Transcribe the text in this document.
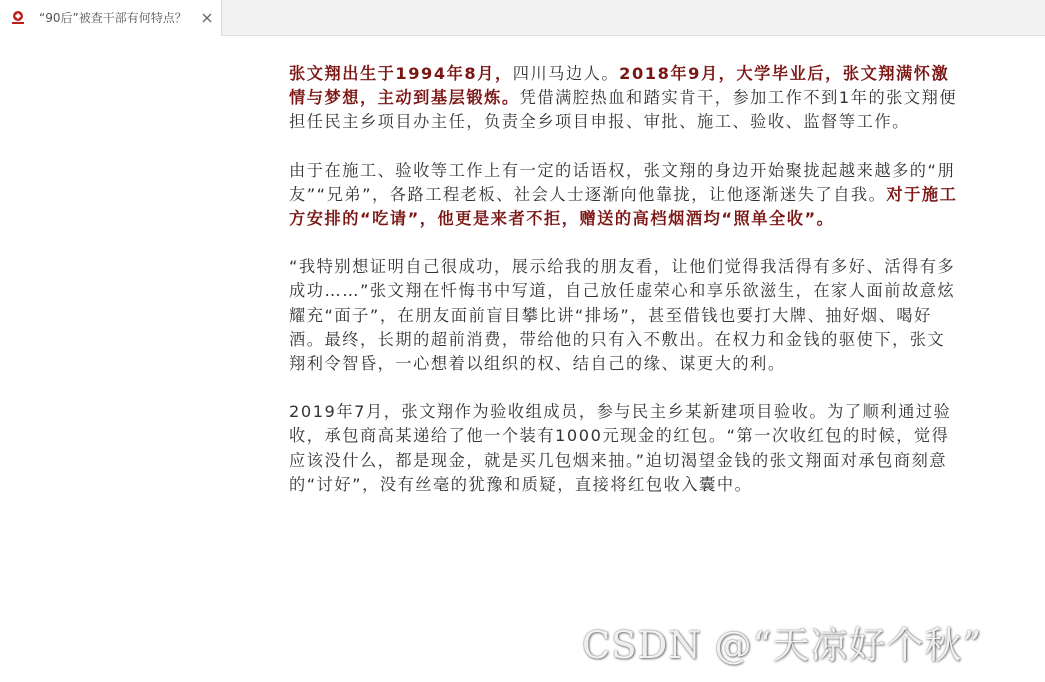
“90后”被查干部有何特点？

张文翔出生于1994年8月，四川马边人。2018年9月，大学毕业后，张文翔满怀激情与梦想，主动到基层锻炼。凭借满腔热血和踏实肯干，参加工作不到1年的张文翔便担任民主乡项目办主任，负责全乡项目申报、审批、施工、验收、监督等工作。

由于在施工、验收等工作上有一定的话语权，张文翔的身边开始聚拢起越来越多的“朋友”“兄弟”，各路工程老板、社会人士逐渐向他靠拢，让他逐渐迷失了自我。对于施工方安排的“吃请”，他更是来者不拒，赠送的高档烟酒均“照单全收”。

“我特别想证明自己很成功，展示给我的朋友看，让他们觉得我活得有多好、活得有多成功……”张文翔在忏悔书中写道，自己放任虚荣心和享乐欲滋生，在家人面前故意炫耀充“面子”，在朋友面前盲目攀比讲“排场”，甚至借钱也要打大牌、抽好烟、喝好酒。最终，长期的超前消费，带给他的只有入不敷出。在权力和金钱的驱使下，张文翔利令智昏，一心想着以组织的权、结自己的缘、谋更大的利。

2019年7月，张文翔作为验收组成员，参与民主乡某新建项目验收。为了顺利通过验收，承包商高某递给了他一个装有1000元现金的红包。“第一次收红包的时候，觉得应该没什么，都是现金，就是买几包烟来抽。”迫切渴望金钱的张文翔面对承包商刻意的“讨好”，没有丝毫的犹豫和质疑，直接将红包收入囊中。

CSDN @“天凉好个秋”
